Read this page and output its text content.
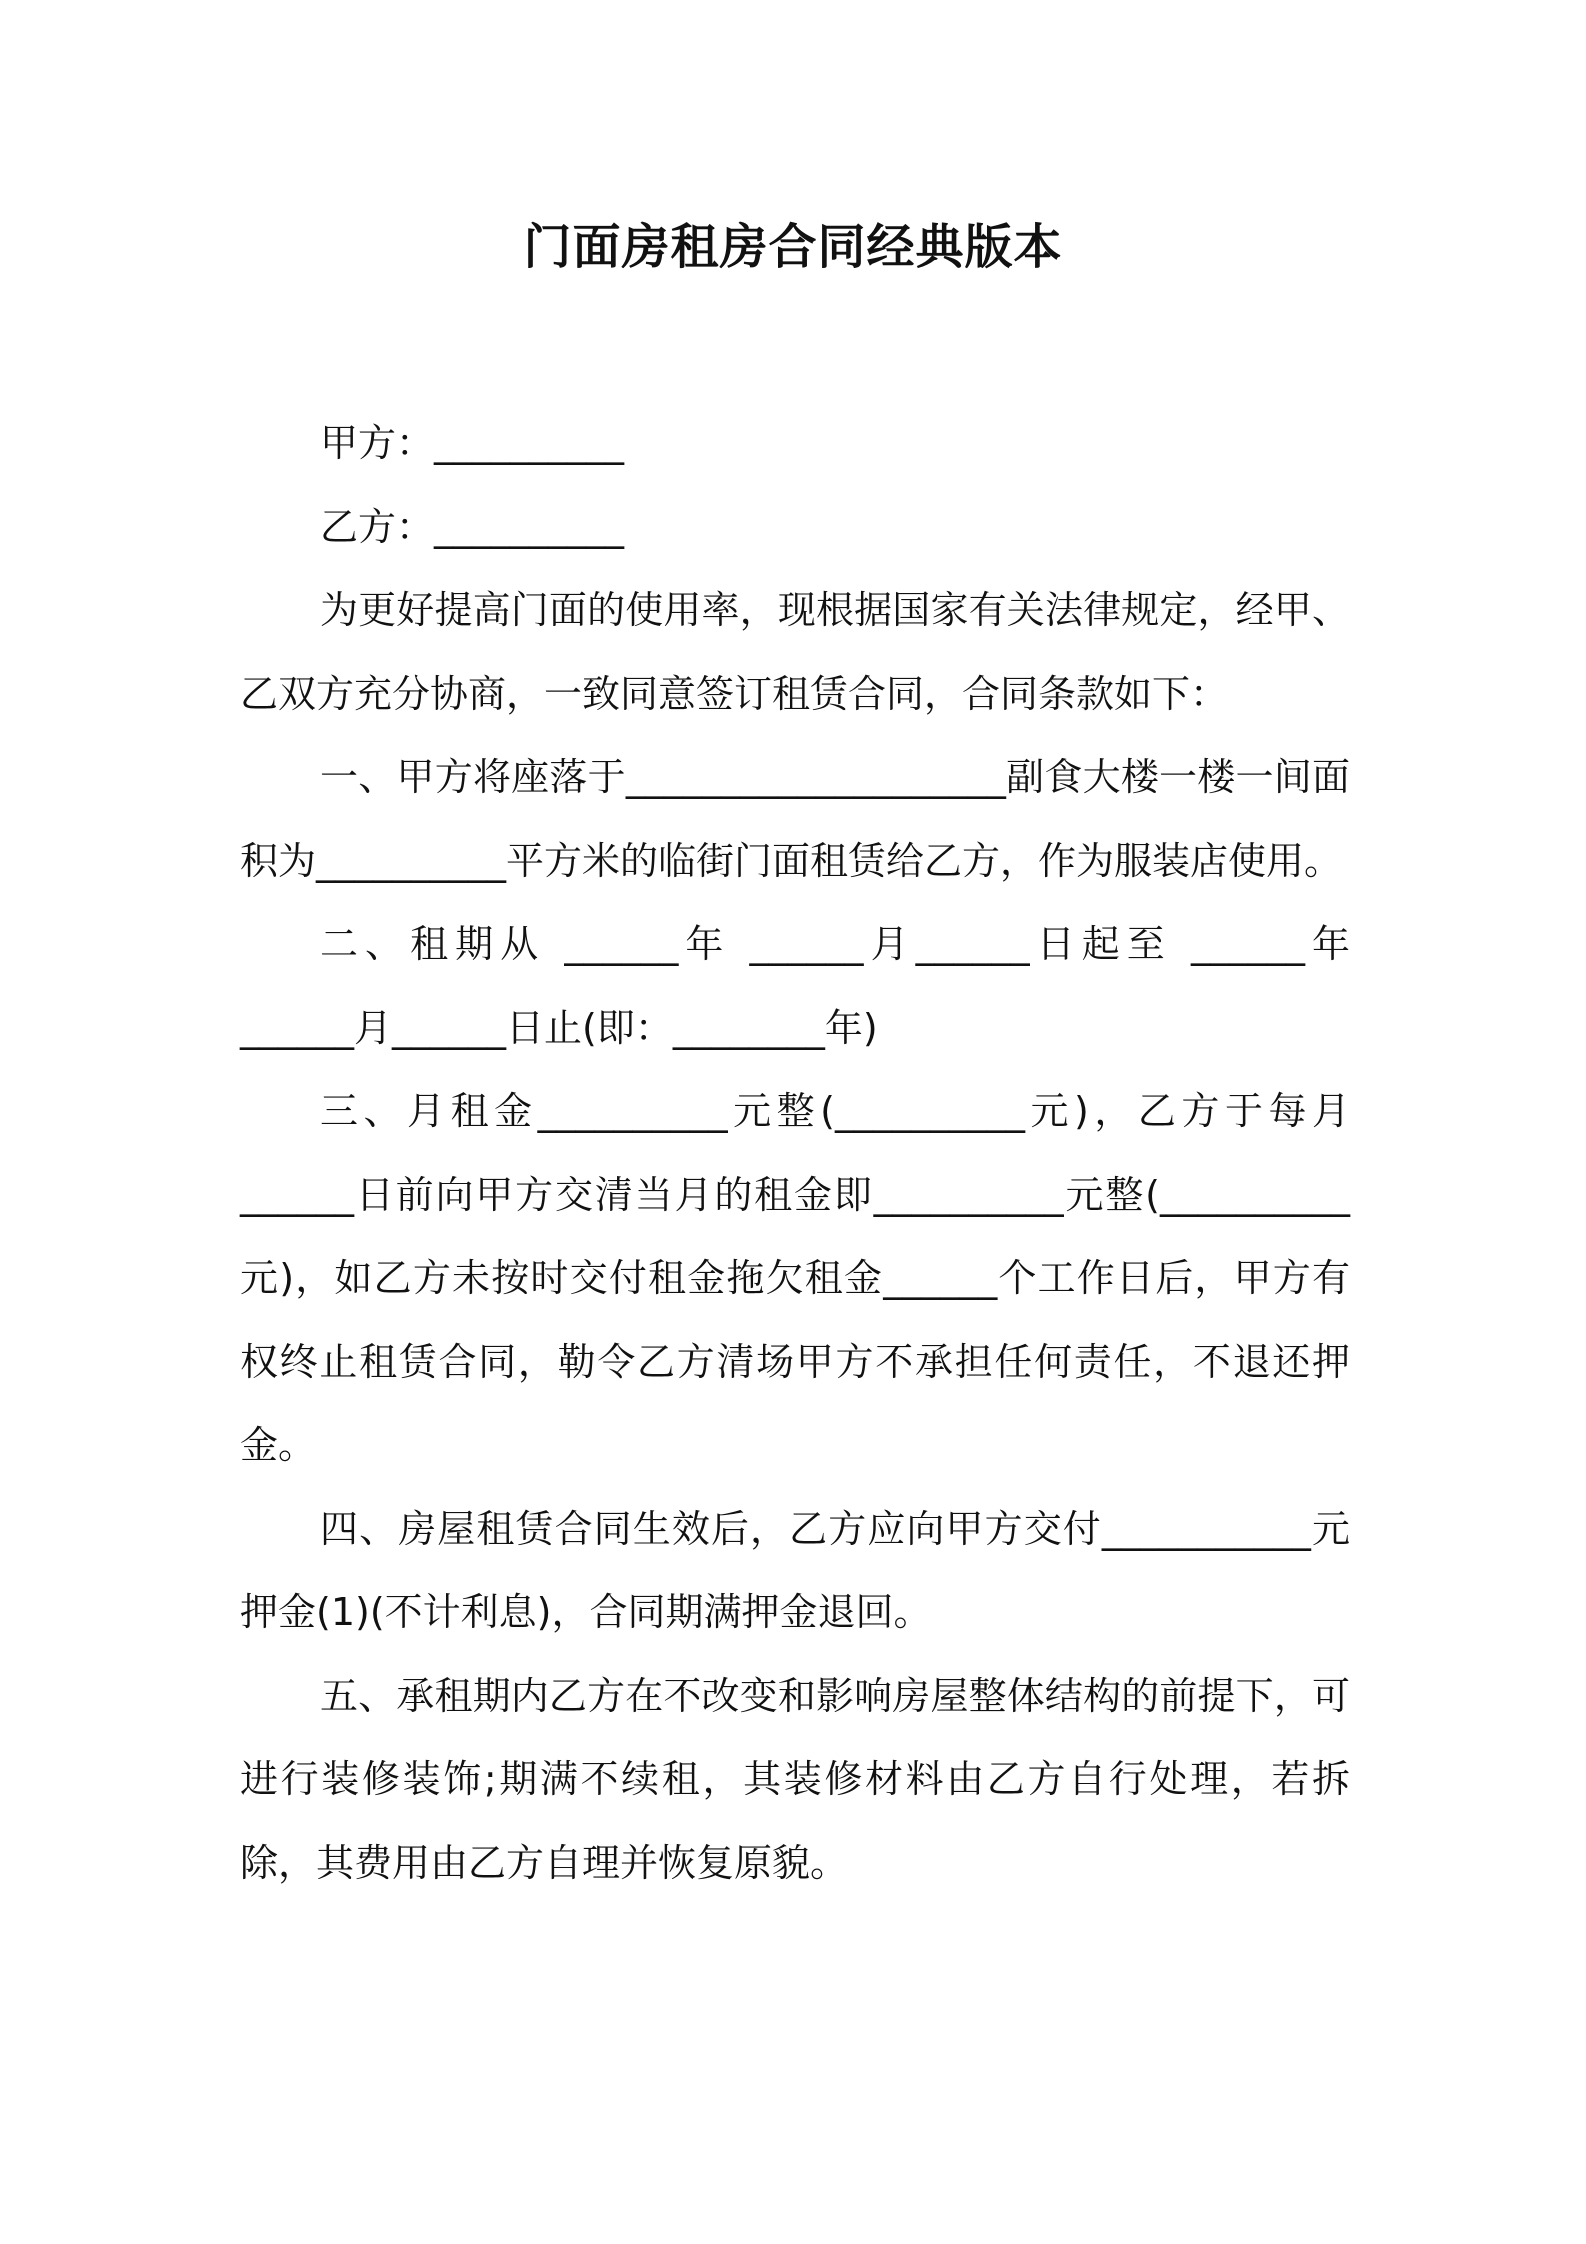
门面房租房合同经典版本

甲方：__________

乙方：__________

为更好提高门面的使用率，现根据国家有关法律规定，经甲、乙双方充分协商，一致同意签订租赁合同，合同条款如下：

一、甲方将座落于____________________副食大楼一楼一间面积为__________平方米的临街门面租赁给乙方，作为服装店使用。

二、租期从 ______年 ______月______日起至 ______年 ______月______日止(即：________年)

三、月租金__________元整(__________元)，乙方于每月 ______日前向甲方交清当月的租金即__________元整(__________元)，如乙方未按时交付租金拖欠租金______个工作日后，甲方有权终止租赁合同，勒令乙方清场甲方不承担任何责任，不退还押金。

四、房屋租赁合同生效后，乙方应向甲方交付___________元押金(1)(不计利息)，合同期满押金退回。

五、承租期内乙方在不改变和影响房屋整体结构的前提下，可进行装修装饰;期满不续租，其装修材料由乙方自行处理，若拆除，其费用由乙方自理并恢复原貌。
